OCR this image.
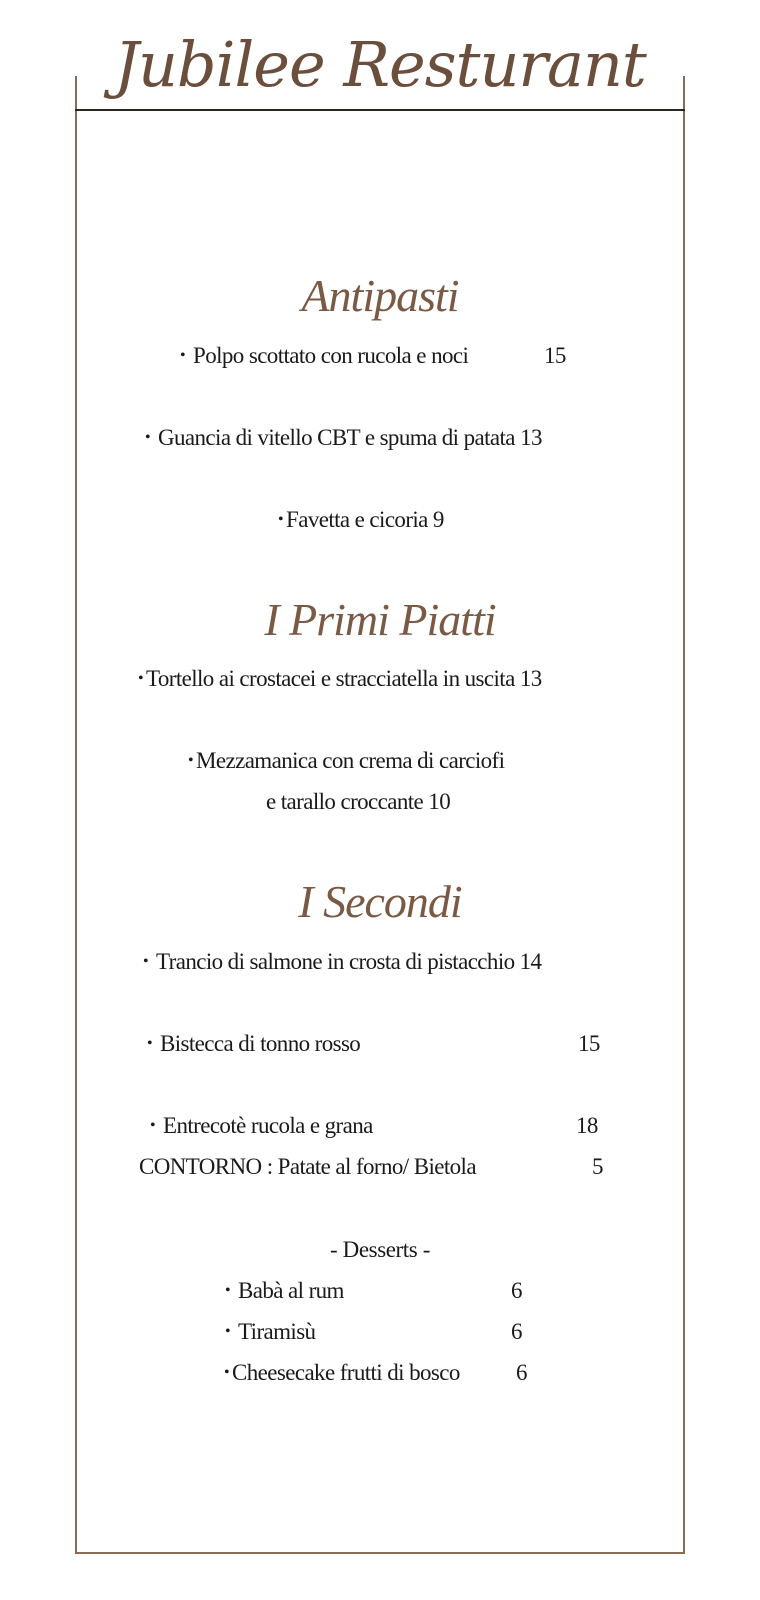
Jubilee Resturant
Antipasti
• Polpo scottato con rucola e noci	15
• Guancia di vitello CBT e spuma di patata 13
• Favetta e cicoria 9
I Primi Piatti
• Tortello ai crostacei e stracciatella in uscita 13
• Mezzamanica con crema di carciofi
e tarallo croccante 10
I Secondi
• Trancio di salmone in crosta di pistacchio 14
• Bistecca di tonno rosso	15
• Entrecotè rucola e grana	18
CONTORNO : Patate al forno/ Bietola	5
- Desserts -
• Babà al rum	6
• Tiramisù	6
• Cheesecake frutti di bosco 6
